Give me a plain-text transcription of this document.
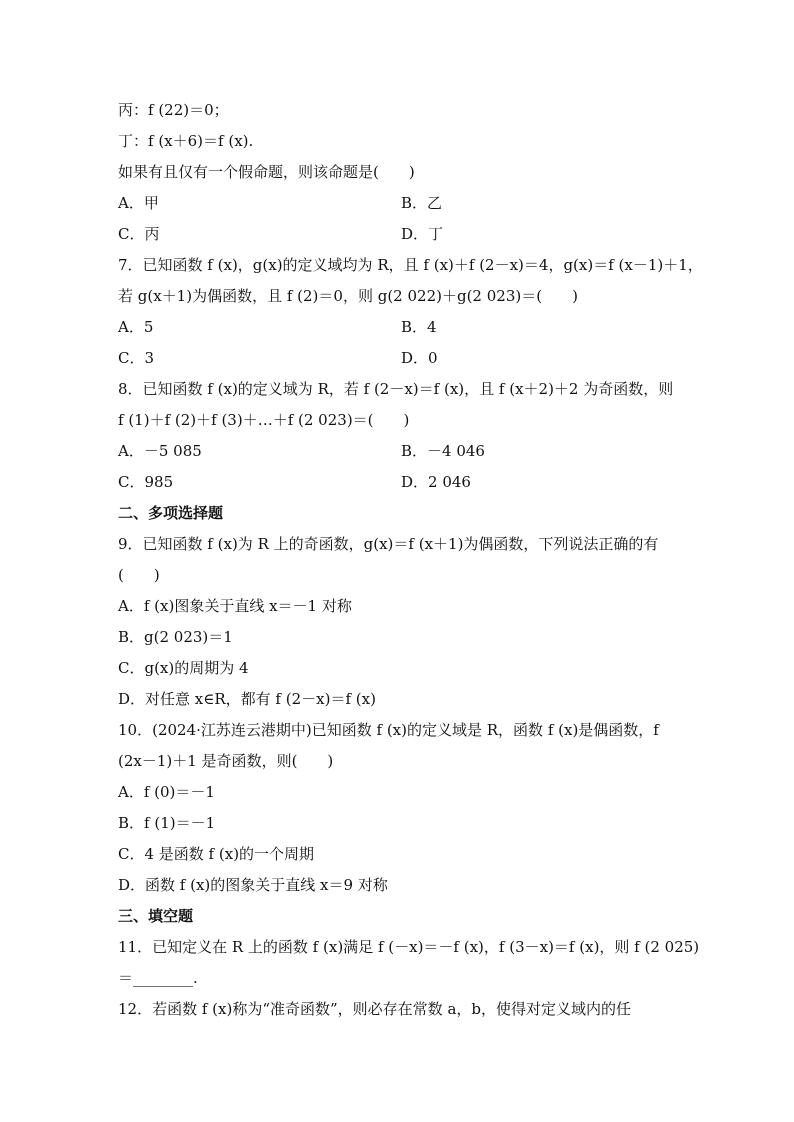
丙：f (22)＝0；
丁：f (x＋6)＝f (x).
如果有且仅有一个假命题，则该命题是(　　)
A．甲	B．乙
C．丙	D．丁
7．已知函数 f (x)，g(x)的定义域均为 R，且 f (x)＋f (2－x)＝4，g(x)＝f (x－1)＋1，
若 g(x＋1)为偶函数，且 f (2)＝0，则 g(2 022)＋g(2 023)＝(　　)
A．5	B．4
C．3	D．0
8．已知函数 f (x)的定义域为 R，若 f (2－x)＝f (x)，且 f (x＋2)＋2 为奇函数，则
f (1)＋f (2)＋f (3)＋…＋f (2 023)＝(　　)
A．－5 085	B．－4 046
C．985	D．2 046
二、多项选择题
9．已知函数 f (x)为 R 上的奇函数，g(x)＝f (x＋1)为偶函数，下列说法正确的有
(　　)
A．f (x)图象关于直线 x＝－1 对称
B．g(2 023)＝1
C．g(x)的周期为 4
D．对任意 x∈R，都有 f (2－x)＝f (x)
10．(2024·江苏连云港期中)已知函数 f (x)的定义域是 R，函数 f (x)是偶函数，f
(2x－1)＋1 是奇函数，则(　　)
A．f (0)＝－1
B．f (1)＝－1
C．4 是函数 f (x)的一个周期
D．函数 f (x)的图象关于直线 x＝9 对称
三、填空题
11．已知定义在 R 上的函数 f (x)满足 f (－x)＝－f (x)，f (3－x)＝f (x)，则 f (2 025)
＝________.
12．若函数 f (x)称为“准奇函数”，则必存在常数 a，b，使得对定义域内的任
